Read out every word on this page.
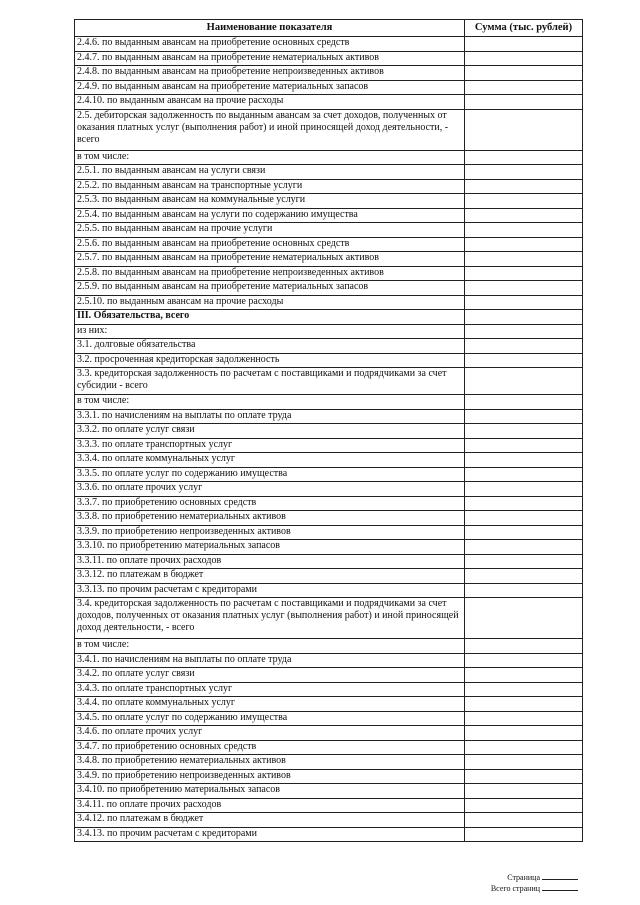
Наименование показателя	Сумма (тыс. рублей)
2.4.6. по выданным авансам на приобретение основных средств	
2.4.7. по выданным авансам на приобретение нематериальных активов	
2.4.8. по выданным авансам на приобретение непроизведенных активов	
2.4.9. по выданным авансам на приобретение материальных запасов	
2.4.10. по выданным авансам на прочие расходы	
2.5. дебиторская задолженность по выданным авансам за счет доходов, полученных от оказания платных услуг (выполнения работ) и иной приносящей доход деятельности, - всего	
в том числе:	
2.5.1. по выданным авансам на услуги связи	
2.5.2. по выданным авансам на транспортные услуги	
2.5.3. по выданным авансам на коммунальные услуги	
2.5.4. по выданным авансам на услуги по содержанию имущества	
2.5.5. по выданным авансам на прочие услуги	
2.5.6. по выданным авансам на приобретение основных средств	
2.5.7. по выданным авансам на приобретение нематериальных активов	
2.5.8. по выданным авансам на приобретение непроизведенных активов	
2.5.9. по выданным авансам на приобретение материальных запасов	
2.5.10. по выданным авансам на прочие расходы	
III. Обязательства, всего	
из них:	
3.1. долговые обязательства	
3.2. просроченная кредиторская задолженность	
3.3. кредиторская задолженность по расчетам с поставщиками и подрядчиками за счет субсидии - всего	
в том числе:	
3.3.1. по начислениям на выплаты по оплате труда	
3.3.2. по оплате услуг связи	
3.3.3. по оплате транспортных услуг	
3.3.4. по оплате коммунальных услуг	
3.3.5. по оплате услуг по содержанию имущества	
3.3.6. по оплате прочих услуг	
3.3.7. по приобретению основных средств	
3.3.8. по приобретению нематериальных активов	
3.3.9. по приобретению непроизведенных активов	
3.3.10. по приобретению материальных запасов	
3.3.11. по оплате прочих расходов	
3.3.12. по платежам в бюджет	
3.3.13. по прочим расчетам с кредиторами	
3.4. кредиторская задолженность по расчетам с поставщиками и подрядчиками за счет доходов, полученных от оказания платных услуг (выполнения работ) и иной приносящей доход деятельности, - всего	
в том числе:	
3.4.1. по начислениям на выплаты по оплате труда	
3.4.2. по оплате услуг связи	
3.4.3. по оплате транспортных услуг	
3.4.4. по оплате коммунальных услуг	
3.4.5. по оплате услуг по содержанию имущества	
3.4.6. по оплате прочих услуг	
3.4.7. по приобретению основных средств	
3.4.8. по приобретению нематериальных активов	
3.4.9. по приобретению непроизведенных активов	
3.4.10. по приобретению материальных запасов	
3.4.11. по оплате прочих расходов	
3.4.12. по платежам в бюджет	
3.4.13. по прочим расчетам с кредиторами	
Страница
Всего страниц
